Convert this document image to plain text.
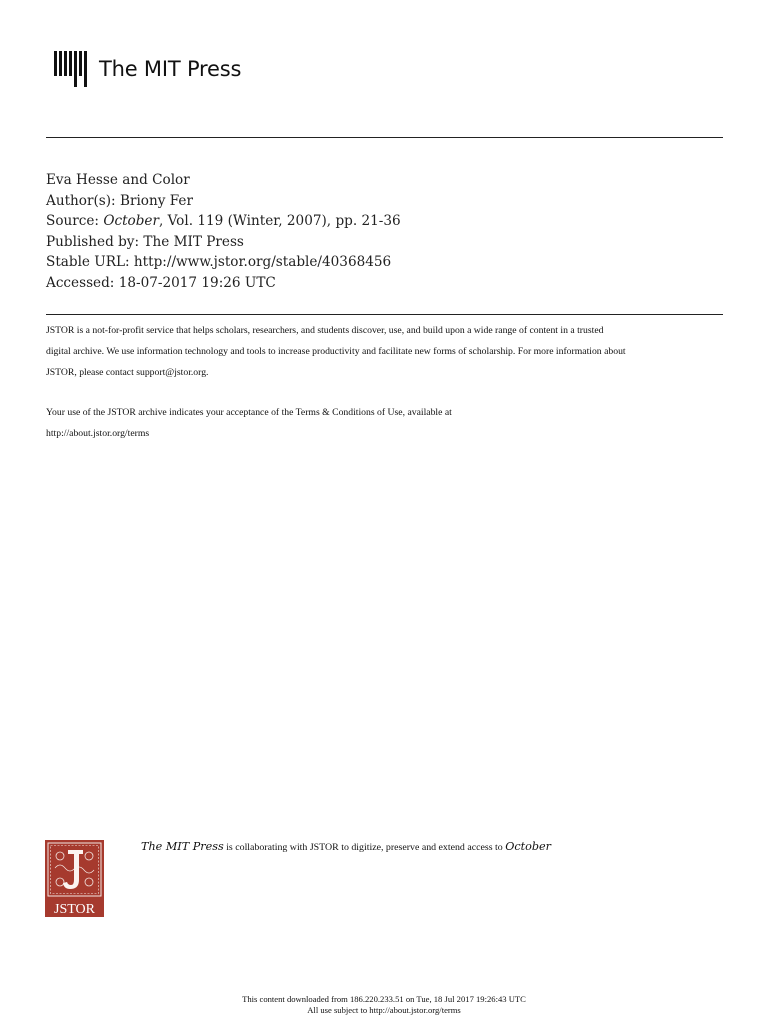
The MIT Press
Eva Hesse and Color
Author(s): Briony Fer
Source: October, Vol. 119 (Winter, 2007), pp. 21-36
Published by: The MIT Press
Stable URL: http://www.jstor.org/stable/40368456
Accessed: 18-07-2017 19:26 UTC
JSTOR is a not-for-profit service that helps scholars, researchers, and students discover, use, and build upon a wide range of content in a trusted
digital archive. We use information technology and tools to increase productivity and facilitate new forms of scholarship. For more information about
JSTOR, please contact support@jstor.org.
Your use of the JSTOR archive indicates your acceptance of the Terms & Conditions of Use, available at
http://about.jstor.org/terms
JSTOR
The MIT Press is collaborating with JSTOR to digitize, preserve and extend access to October
This content downloaded from 186.220.233.51 on Tue, 18 Jul 2017 19:26:43 UTC
All use subject to http://about.jstor.org/terms
